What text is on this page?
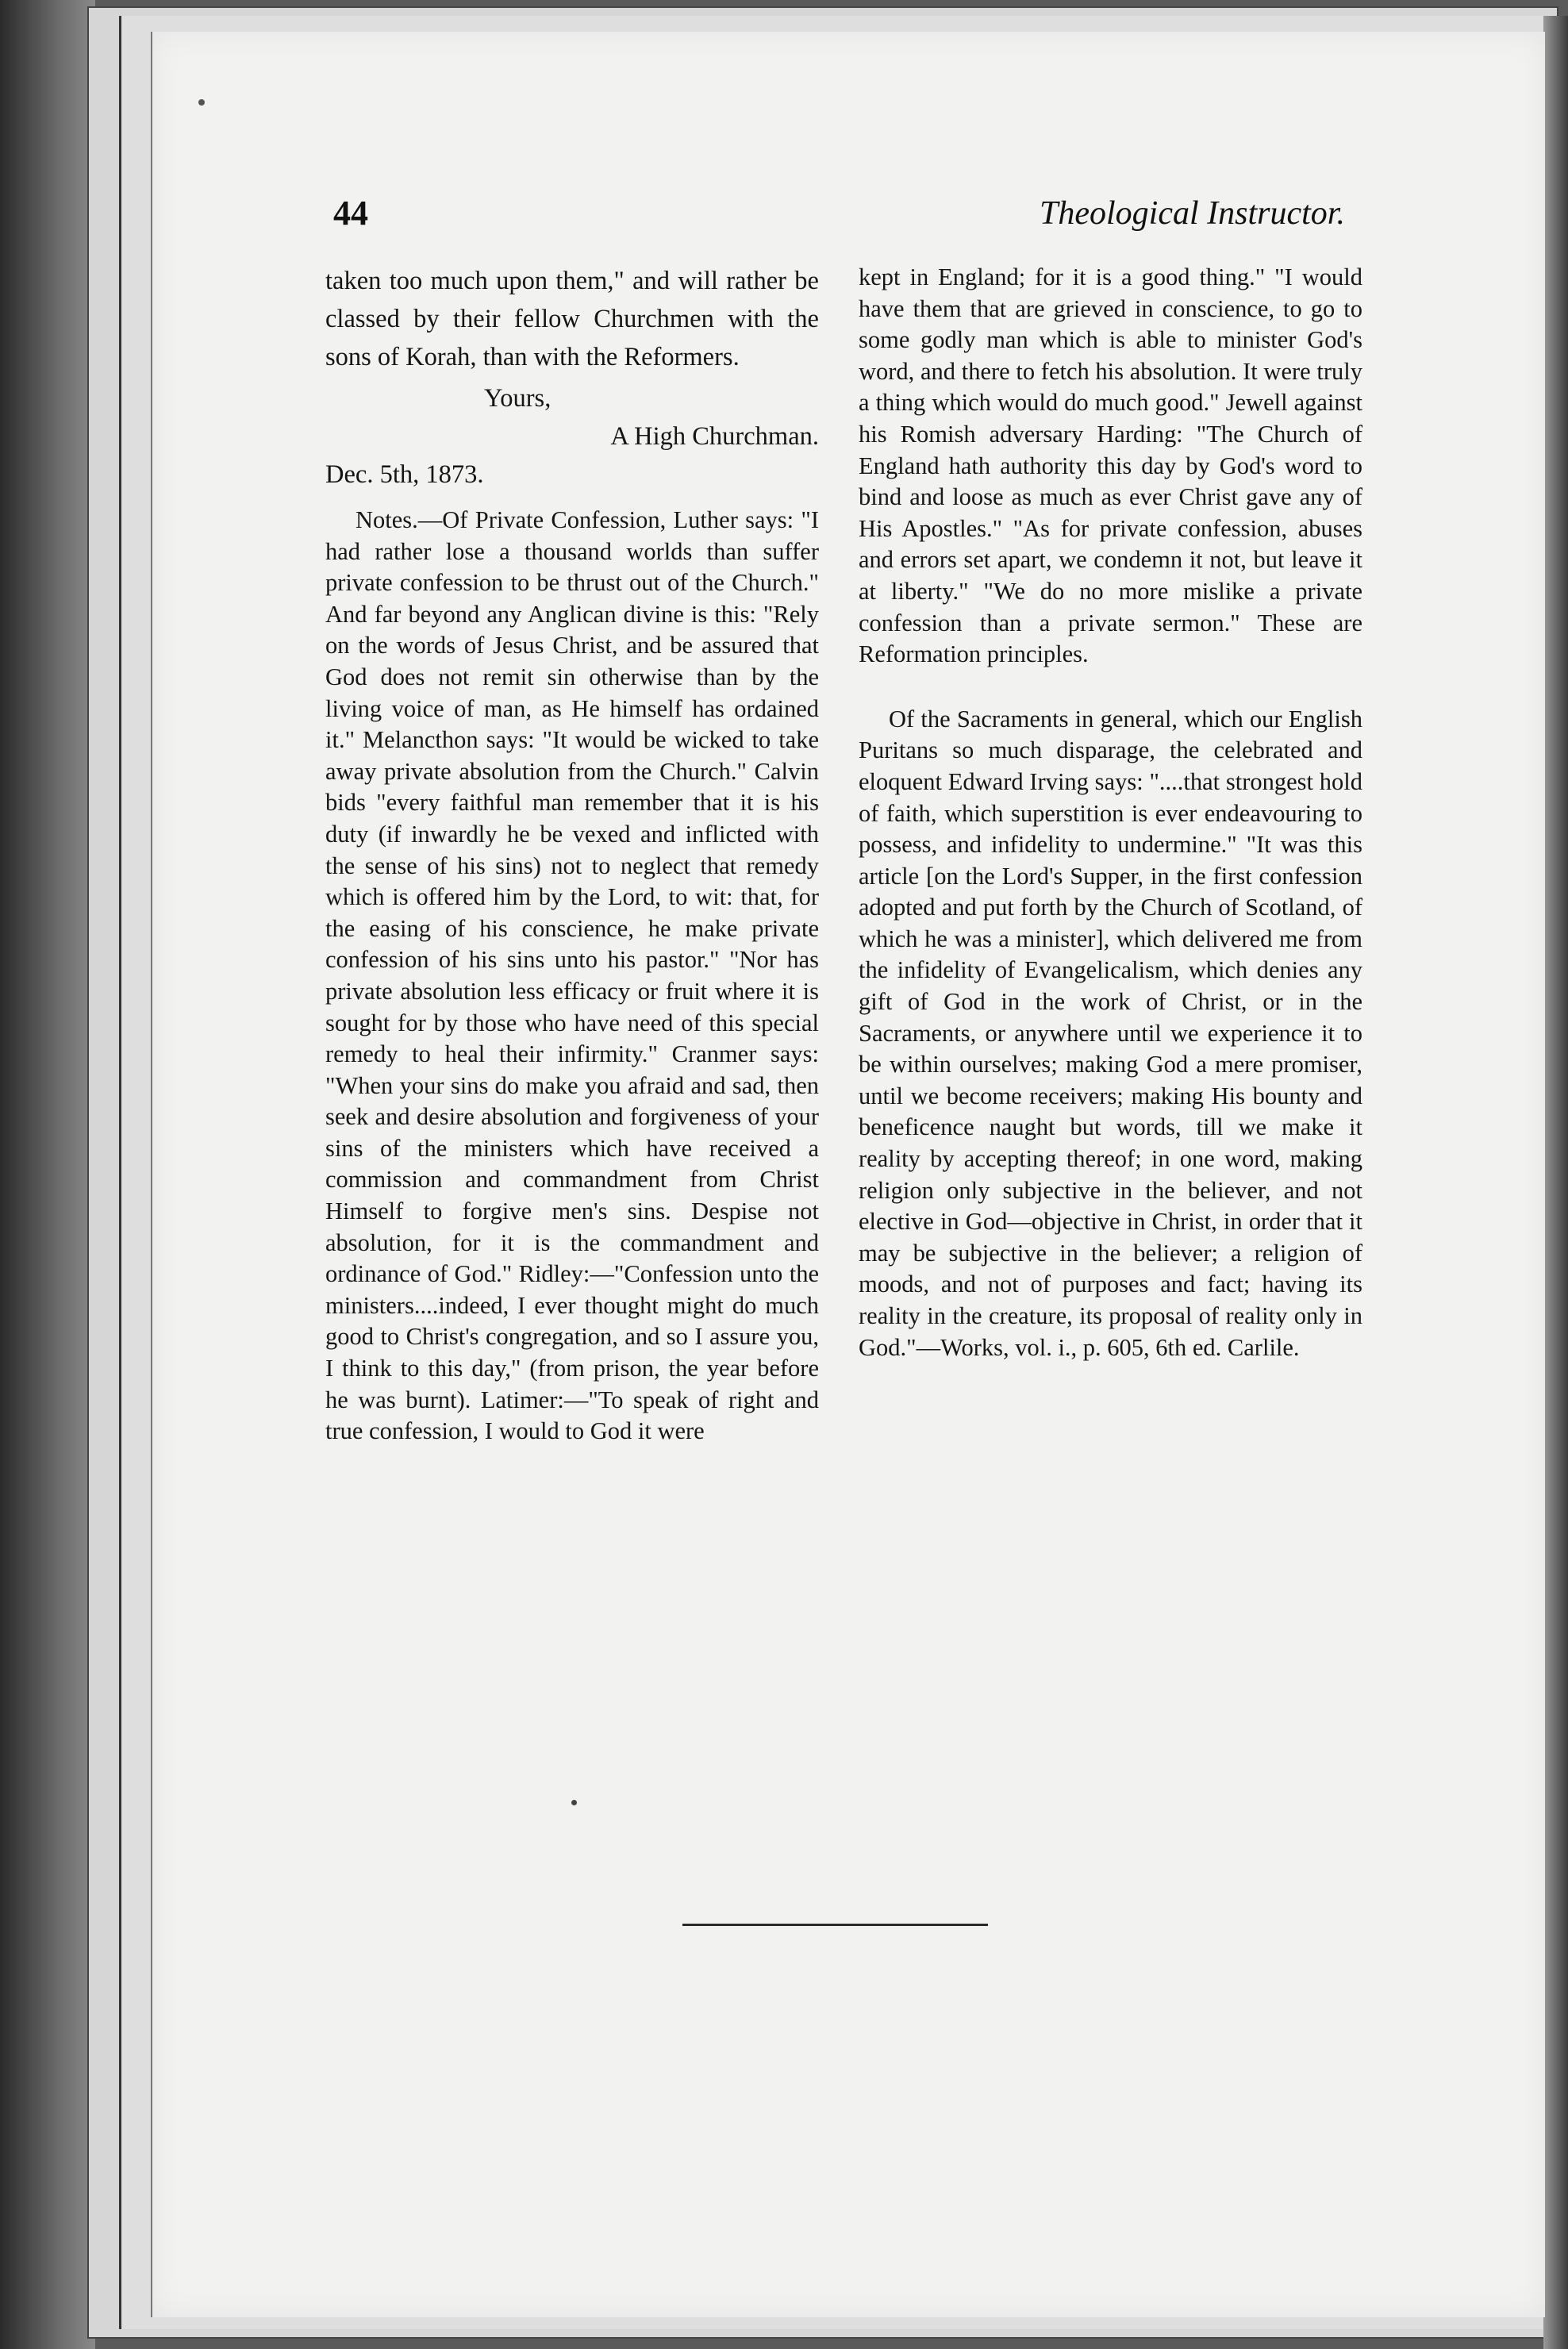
44	Theological Instructor.

taken too much upon them," and will rather be classed by their fellow Churchmen with the sons of Korah, than with the Reformers.

Yours,

A High Churchman.

Dec. 5th, 1873.

Notes.—Of Private Confession, Luther says: "I had rather lose a thousand worlds than suffer private confession to be thrust out of the Church." And far beyond any Anglican divine is this: "Rely on the words of Jesus Christ, and be assured that God does not remit sin otherwise than by the living voice of man, as He himself has ordained it." Melancthon says: "It would be wicked to take away private absolution from the Church." Calvin bids "every faithful man remember that it is his duty (if inwardly he be vexed and inflicted with the sense of his sins) not to neglect that remedy which is offered him by the Lord, to wit: that, for the easing of his conscience, he make private confession of his sins unto his pastor." "Nor has private absolution less efficacy or fruit where it is sought for by those who have need of this special remedy to heal their infirmity." Cranmer says: "When your sins do make you afraid and sad, then seek and desire absolution and forgiveness of your sins of the ministers which have received a commission and commandment from Christ Himself to forgive men's sins. Despise not absolution, for it is the commandment and ordinance of God." Ridley:—"Confession unto the ministers....indeed, I ever thought might do much good to Christ's congregation, and so I assure you, I think to this day," (from prison, the year before he was burnt). Latimer:—"To speak of right and true confession, I would to God it were

kept in England; for it is a good thing." "I would have them that are grieved in conscience, to go to some godly man which is able to minister God's word, and there to fetch his absolution. It were truly a thing which would do much good." Jewell against his Romish adversary Harding: "The Church of England hath authority this day by God's word to bind and loose as much as ever Christ gave any of His Apostles." "As for private confession, abuses and errors set apart, we condemn it not, but leave it at liberty." "We do no more mislike a private confession than a private sermon." These are Reformation principles.

Of the Sacraments in general, which our English Puritans so much disparage, the celebrated and eloquent Edward Irving says: "....that strongest hold of faith, which superstition is ever endeavouring to possess, and infidelity to undermine." "It was this article [on the Lord's Supper, in the first confession adopted and put forth by the Church of Scotland, of which he was a minister], which delivered me from the infidelity of Evangelicalism, which denies any gift of God in the work of Christ, or in the Sacraments, or anywhere until we experience it to be within ourselves; making God a mere promiser, until we become receivers; making His bounty and beneficence naught but words, till we make it reality by accepting thereof; in one word, making religion only subjective in the believer, and not elective in God—objective in Christ, in order that it may be subjective in the believer; a religion of moods, and not of purposes and fact; having its reality in the creature, its proposal of reality only in God."—Works, vol. i., p. 605, 6th ed. Carlile.
